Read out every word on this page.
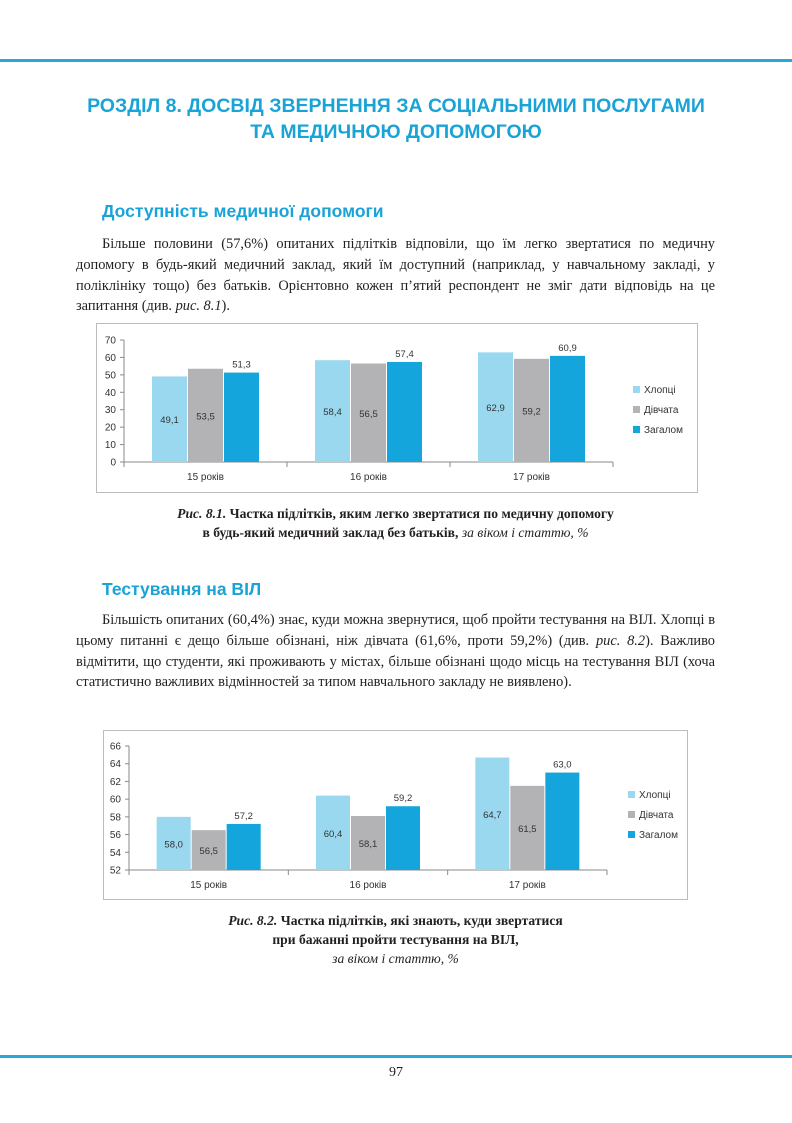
РОЗДІЛ 8. ДОСВІД ЗВЕРНЕННЯ ЗА СОЦІАЛЬНИМИ ПОСЛУГАМИ
ТА МЕДИЧНОЮ ДОПОМОГОЮ
Доступність медичної допомоги

Більше половини (57,6%) опитаних підлітків відповіли, що їм легко звертатися по медичну допомогу в будь-який медичний заклад, який їм доступний (наприклад, у навчальному закладі, у поліклініку тощо) без батьків. Орієнтовно кожен п’ятий респондент не зміг дати відповідь на це запитання (див. рис. 8.1).

0
10
20
30
40
50
60
70
49,1 53,5
51,3
15 років
58,4 56,5
57,4
16 років
62,9 59,2
60,9
17 років
Хлопці
Дівчата
Загалом

Рис. 8.1. Частка підлітків, яким легко звертатися по медичну допомогу
в будь-який медичний заклад без батьків, за віком і статтю, %

Тестування на ВІЛ

Більшість опитаних (60,4%) знає, куди можна звернутися, щоб пройти тестування на ВІЛ. Хлопці в цьому питанні є дещо більше обізнані, ніж дівчата (61,6%, проти 59,2%) (див. рис. 8.2). Важливо відмітити, що студенти, які проживають у містах, більше обізнані щодо місць на тестування ВІЛ (хоча статистично важливих відмінностей за типом навчального закладу не виявлено).

52
54
56
58
60
62
64
66
58,0
56,5
57,2
15 років
60,4
58,1
59,2
16 років
64,7
61,5
63,0
17 років
Хлопці
Дівчата
Загалом

Рис. 8.2. Частка підлітків, які знають, куди звертатися
при бажанні пройти тестування на ВІЛ,
за віком і статтю, %

97
